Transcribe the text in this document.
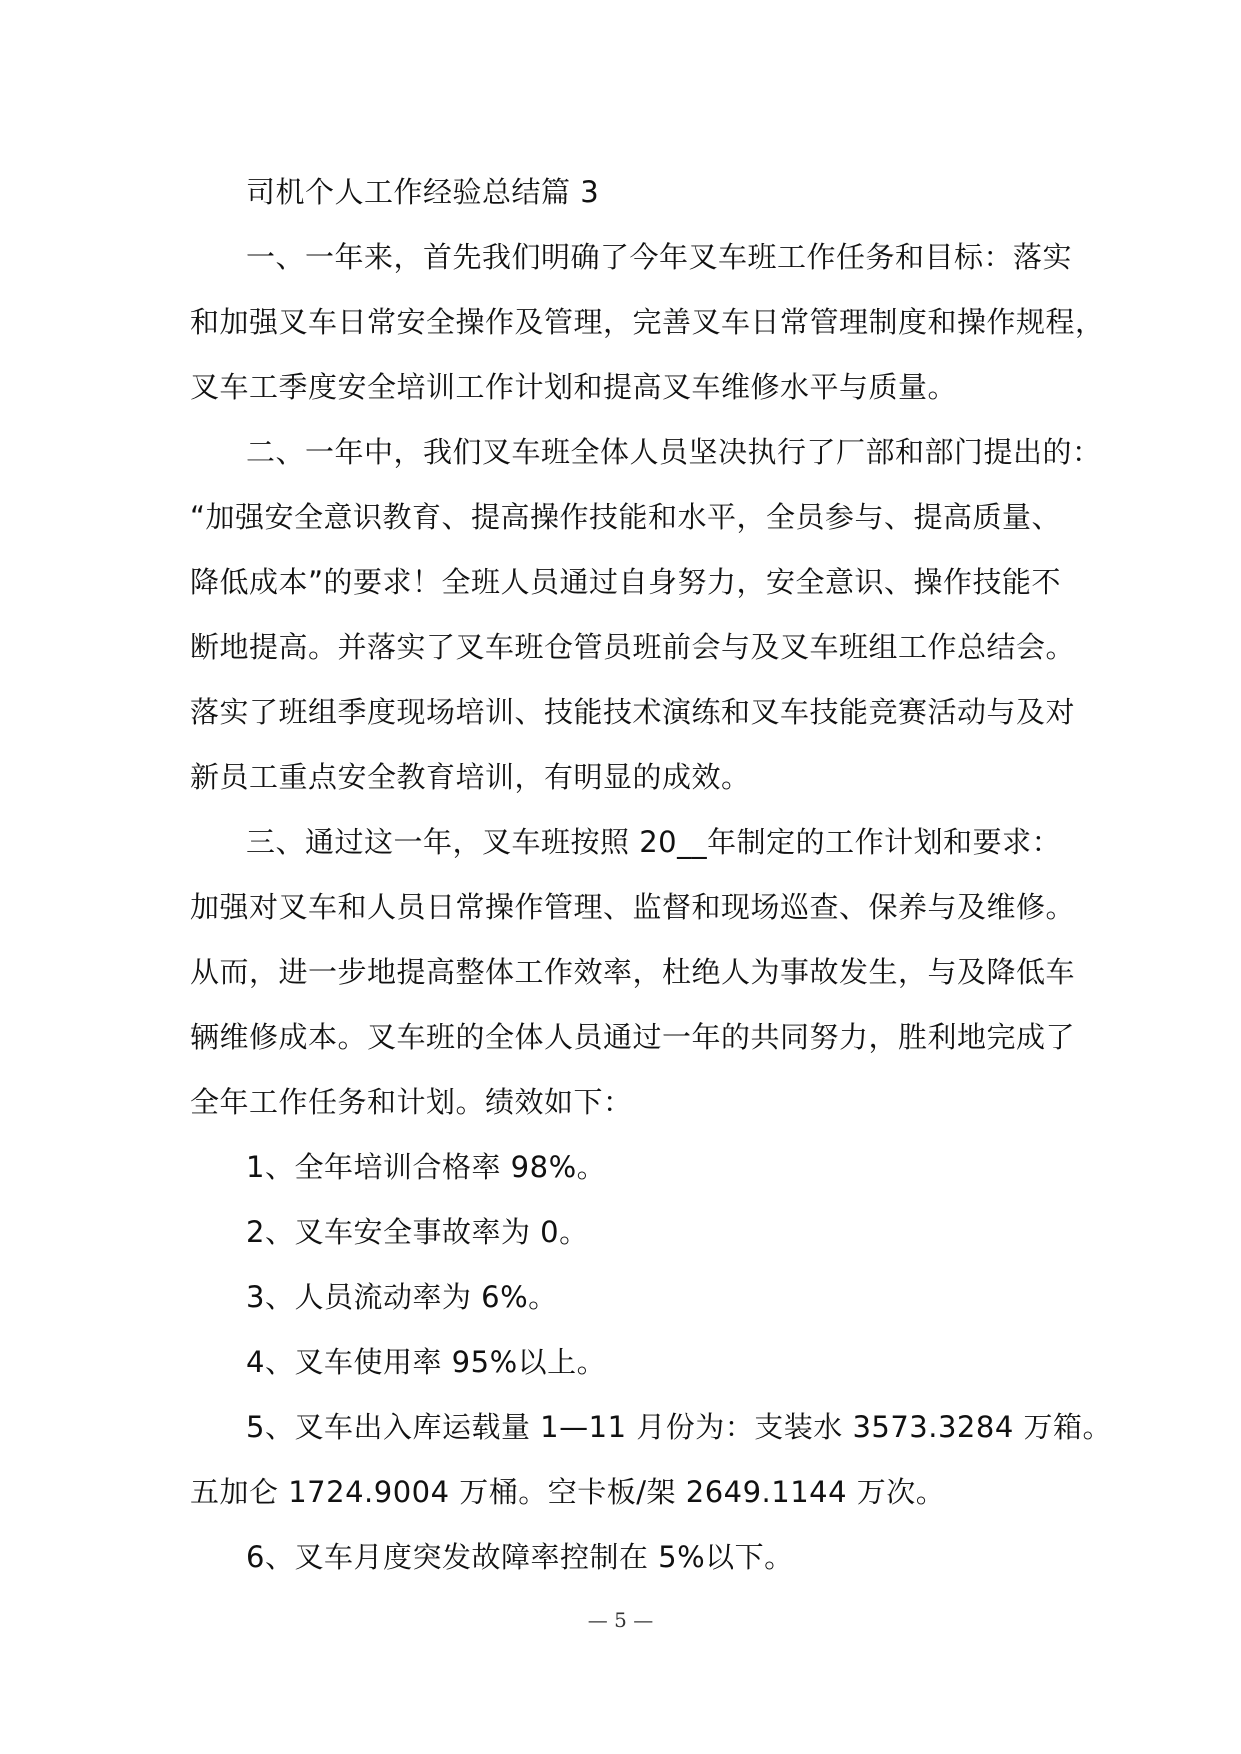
司机个人工作经验总结篇 3
一、一年来，首先我们明确了今年叉车班工作任务和目标：落实
和加强叉车日常安全操作及管理，完善叉车日常管理制度和操作规程，
叉车工季度安全培训工作计划和提高叉车维修水平与质量。
二、一年中，我们叉车班全体人员坚决执行了厂部和部门提出的：
“加强安全意识教育、提高操作技能和水平，全员参与、提高质量、
降低成本”的要求！全班人员通过自身努力，安全意识、操作技能不
断地提高。并落实了叉车班仓管员班前会与及叉车班组工作总结会。
落实了班组季度现场培训、技能技术演练和叉车技能竞赛活动与及对
新员工重点安全教育培训，有明显的成效。
三、通过这一年，叉车班按照 20__年制定的工作计划和要求：
加强对叉车和人员日常操作管理、监督和现场巡查、保养与及维修。
从而，进一步地提高整体工作效率，杜绝人为事故发生，与及降低车
辆维修成本。叉车班的全体人员通过一年的共同努力，胜利地完成了
全年工作任务和计划。绩效如下：
1、全年培训合格率 98%。
2、叉车安全事故率为 0。
3、人员流动率为 6%。
4、叉车使用率 95%以上。
5、叉车出入库运载量 1—11 月份为：支装水 3573.3284 万箱。
五加仑 1724.9004 万桶。空卡板/架 2649.1144 万次。
6、叉车月度突发故障率控制在 5%以下。
— 5 —
